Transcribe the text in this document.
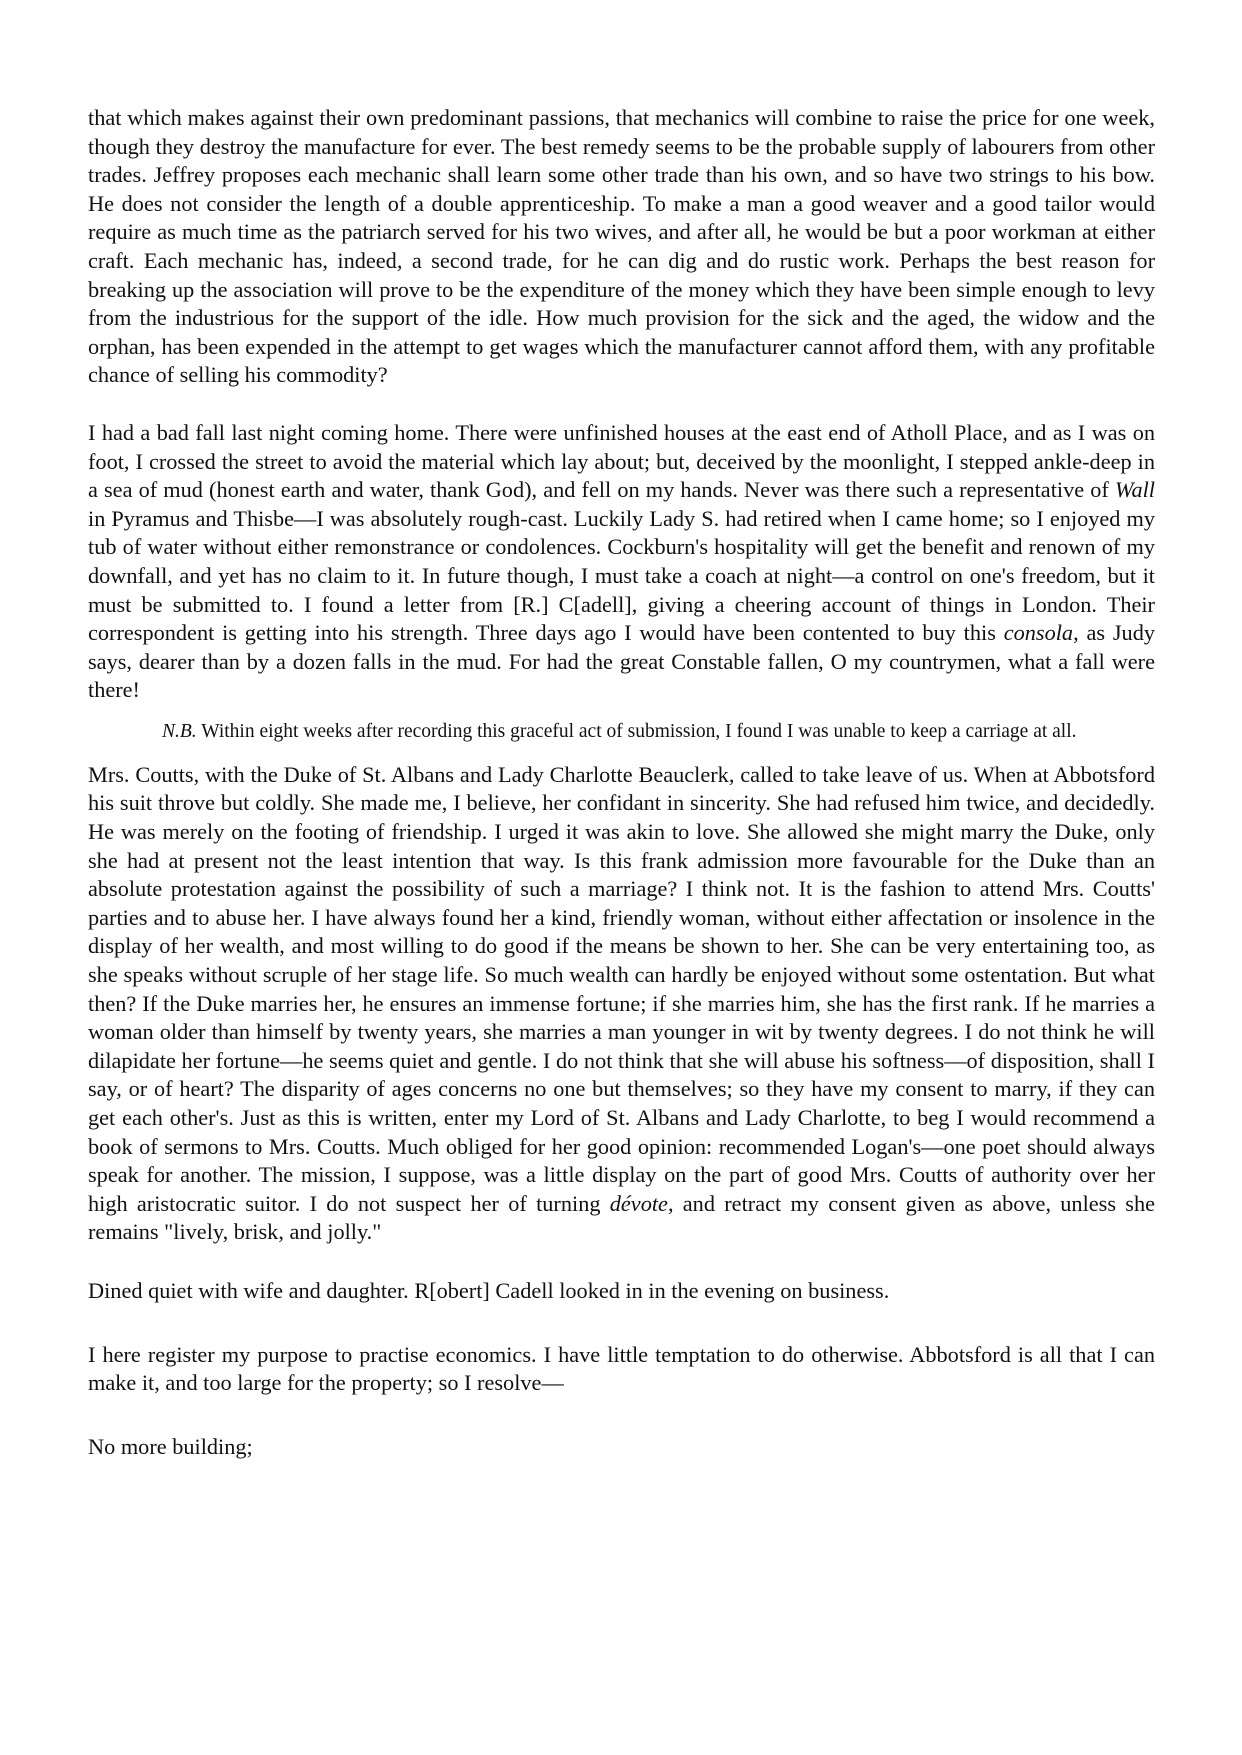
that which makes against their own predominant passions, that mechanics will combine to raise the price for one week, though they destroy the manufacture for ever. The best remedy seems to be the probable supply of labourers from other trades. Jeffrey proposes each mechanic shall learn some other trade than his own, and so have two strings to his bow. He does not consider the length of a double apprenticeship. To make a man a good weaver and a good tailor would require as much time as the patriarch served for his two wives, and after all, he would be but a poor workman at either craft. Each mechanic has, indeed, a second trade, for he can dig and do rustic work. Perhaps the best reason for breaking up the association will prove to be the expenditure of the money which they have been simple enough to levy from the industrious for the support of the idle. How much provision for the sick and the aged, the widow and the orphan, has been expended in the attempt to get wages which the manufacturer cannot afford them, with any profitable chance of selling his commodity?

I had a bad fall last night coming home. There were unfinished houses at the east end of Atholl Place, and as I was on foot, I crossed the street to avoid the material which lay about; but, deceived by the moonlight, I stepped ankle-deep in a sea of mud (honest earth and water, thank God), and fell on my hands. Never was there such a representative of Wall in Pyramus and Thisbe—I was absolutely rough-cast. Luckily Lady S. had retired when I came home; so I enjoyed my tub of water without either remonstrance or condolences. Cockburn's hospitality will get the benefit and renown of my downfall, and yet has no claim to it. In future though, I must take a coach at night—a control on one's freedom, but it must be submitted to. I found a letter from [R.] C[adell], giving a cheering account of things in London. Their correspondent is getting into his strength. Three days ago I would have been contented to buy this consola, as Judy says, dearer than by a dozen falls in the mud. For had the great Constable fallen, O my countrymen, what a fall were there!

N.B. Within eight weeks after recording this graceful act of submission, I found I was unable to keep a carriage at all.

Mrs. Coutts, with the Duke of St. Albans and Lady Charlotte Beauclerk, called to take leave of us. When at Abbotsford his suit throve but coldly. She made me, I believe, her confidant in sincerity. She had refused him twice, and decidedly. He was merely on the footing of friendship. I urged it was akin to love. She allowed she might marry the Duke, only she had at present not the least intention that way. Is this frank admission more favourable for the Duke than an absolute protestation against the possibility of such a marriage? I think not. It is the fashion to attend Mrs. Coutts' parties and to abuse her. I have always found her a kind, friendly woman, without either affectation or insolence in the display of her wealth, and most willing to do good if the means be shown to her. She can be very entertaining too, as she speaks without scruple of her stage life. So much wealth can hardly be enjoyed without some ostentation. But what then? If the Duke marries her, he ensures an immense fortune; if she marries him, she has the first rank. If he marries a woman older than himself by twenty years, she marries a man younger in wit by twenty degrees. I do not think he will dilapidate her fortune—he seems quiet and gentle. I do not think that she will abuse his softness—of disposition, shall I say, or of heart? The disparity of ages concerns no one but themselves; so they have my consent to marry, if they can get each other's. Just as this is written, enter my Lord of St. Albans and Lady Charlotte, to beg I would recommend a book of sermons to Mrs. Coutts. Much obliged for her good opinion: recommended Logan's—one poet should always speak for another. The mission, I suppose, was a little display on the part of good Mrs. Coutts of authority over her high aristocratic suitor. I do not suspect her of turning dévote, and retract my consent given as above, unless she remains "lively, brisk, and jolly."

Dined quiet with wife and daughter. R[obert] Cadell looked in in the evening on business.

I here register my purpose to practise economics. I have little temptation to do otherwise. Abbotsford is all that I can make it, and too large for the property; so I resolve—

No more building;
